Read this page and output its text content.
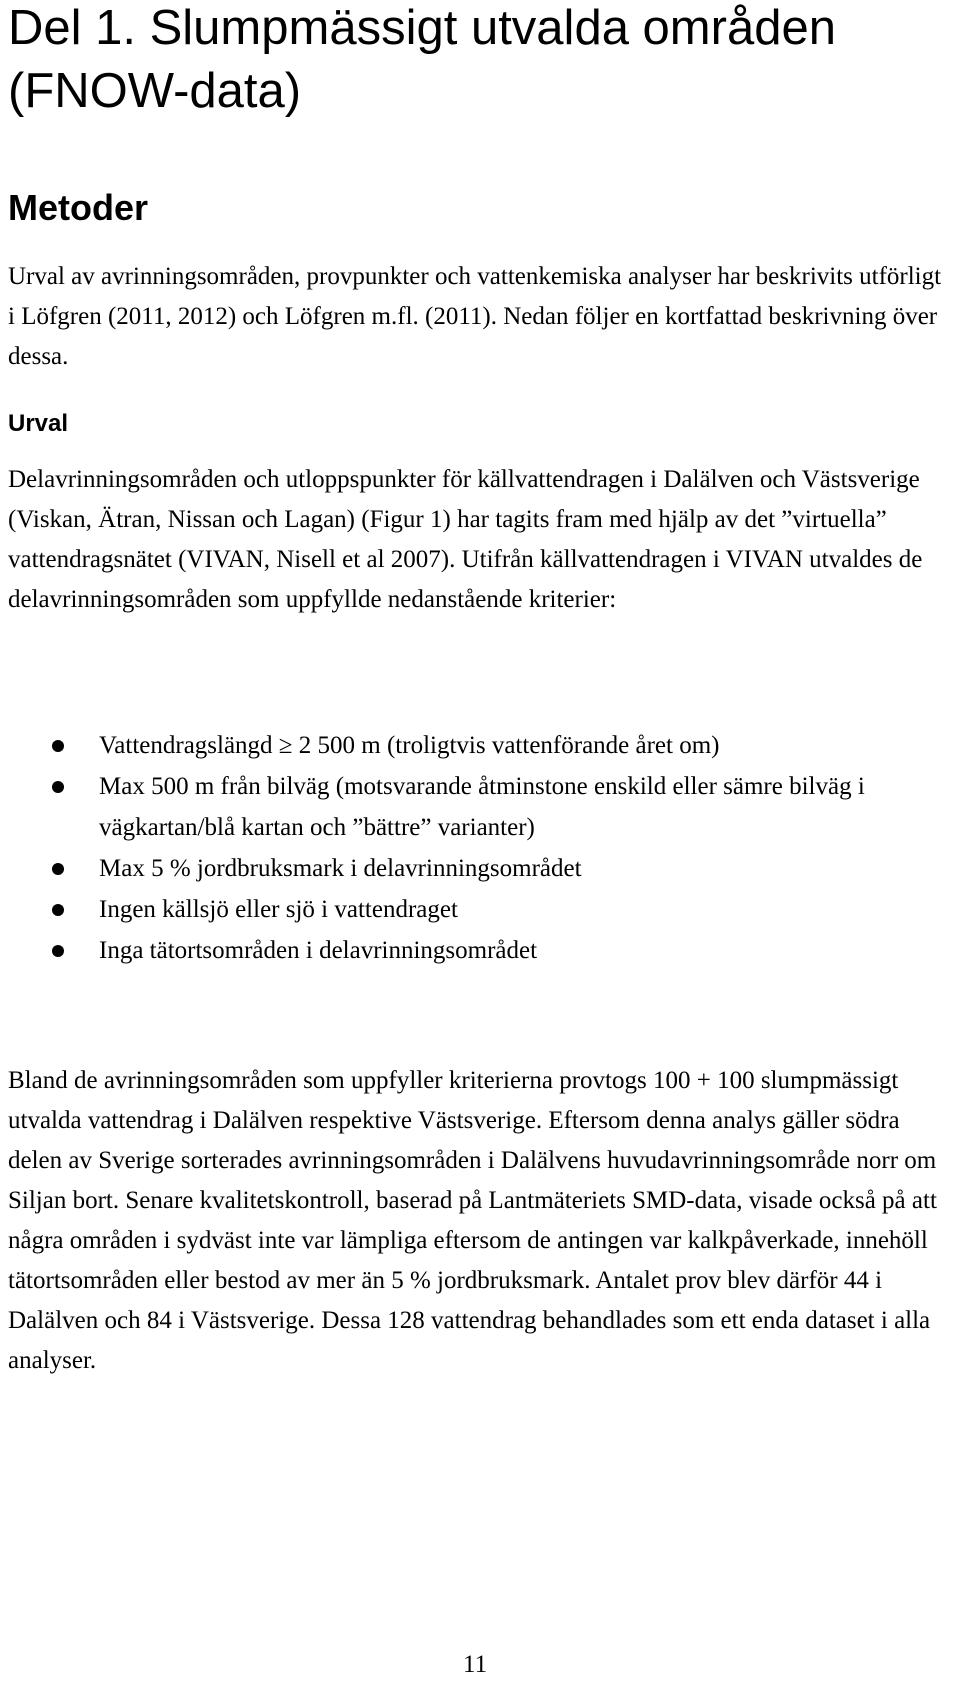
Del 1. Slumpmässigt utvalda områden (FNOW-data)
Metoder

Urval av avrinningsområden, provpunkter och vattenkemiska analyser har beskrivits utförligt i Löfgren (2011, 2012) och Löfgren m.fl. (2011). Nedan följer en kortfattad beskrivning över dessa.

Urval

Delavrinningsområden och utloppspunkter för källvattendragen i Dalälven och Västsverige (Viskan, Ätran, Nissan och Lagan) (Figur 1) har tagits fram med hjälp av det ”virtuella” vattendragsnätet (VIVAN, Nisell et al 2007). Utifrån källvattendragen i VIVAN utvaldes de delavrinningsområden som uppfyllde nedanstående kriterier:

Vattendragslängd ≥ 2 500 m (troligtvis vattenförande året om)
Max 500 m från bilväg (motsvarande åtminstone enskild eller sämre bilväg i vägkartan/blå kartan och ”bättre” varianter)
Max 5 % jordbruksmark i delavrinningsområdet
Ingen källsjö eller sjö i vattendraget
Inga tätortsområden i delavrinningsområdet

Bland de avrinningsområden som uppfyller kriterierna provtogs 100 + 100 slumpmässigt utvalda vattendrag i Dalälven respektive Västsverige. Eftersom denna analys gäller södra delen av Sverige sorterades avrinningsområden i Dalälvens huvudavrinningsområde norr om Siljan bort. Senare kvalitetskontroll, baserad på Lantmäteriets SMD-data, visade också på att några områden i sydväst inte var lämpliga eftersom de antingen var kalkpåverkade, innehöll tätortsområden eller bestod av mer än 5 % jordbruksmark. Antalet prov blev därför 44 i Dalälven och 84 i Västsverige. Dessa 128 vattendrag behandlades som ett enda dataset i alla analyser.

11
